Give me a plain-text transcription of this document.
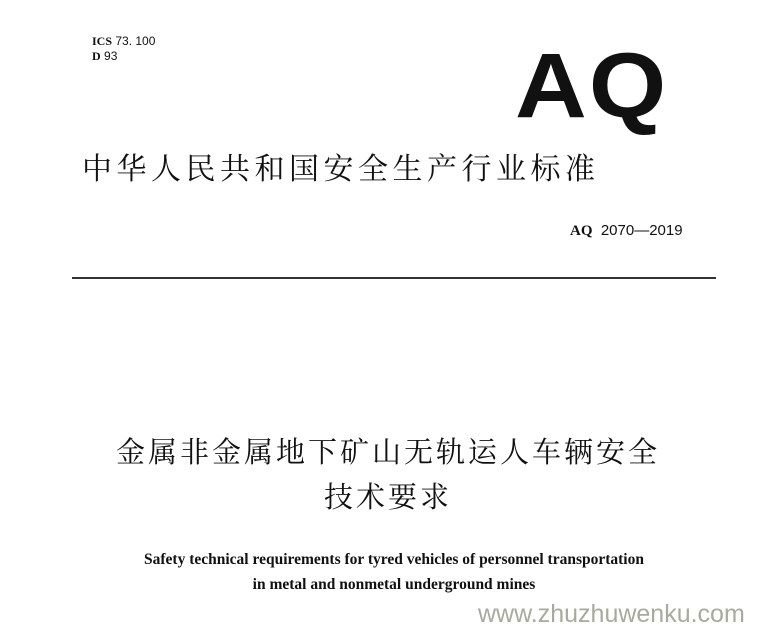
ICS 73. 100
D 93	AQ
中华人民共和国安全生产行业标准
AQ 2070—2019
金属非金属地下矿山无轨运人车辆安全
技术要求
Safety technical requirements for tyred vehicles of personnel transportation
in metal and nonmetal underground mines
www.zhuzhuwenku.com
